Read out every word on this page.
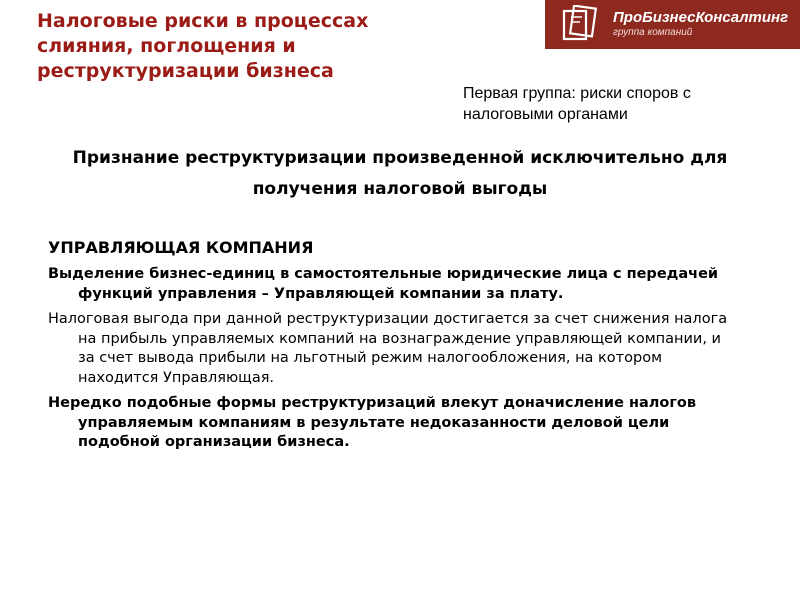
Налоговые риски в процессах слияния, поглощения и реструктуризации бизнеса
ПроБизнесКонсалтинг
группа компаний

Первая группа: риски споров с налоговыми органами

Признание реструктуризации произведенной исключительно для получения налоговой выгоды
УПРАВЛЯЮЩАЯ КОМПАНИЯ

Выделение бизнес-единиц в самостоятельные юридические лица с передачей функций управления – Управляющей компании за плату.

Налоговая выгода при данной реструктуризации достигается за счет снижения налога на прибыль управляемых компаний на вознаграждение управляющей компании, и за счет вывода прибыли на льготный режим налогообложения, на котором находится Управляющая.

Нередко подобные формы реструктуризаций влекут доначисление налогов управляемым компаниям в результате недоказанности деловой цели подобной организации бизнеса.
